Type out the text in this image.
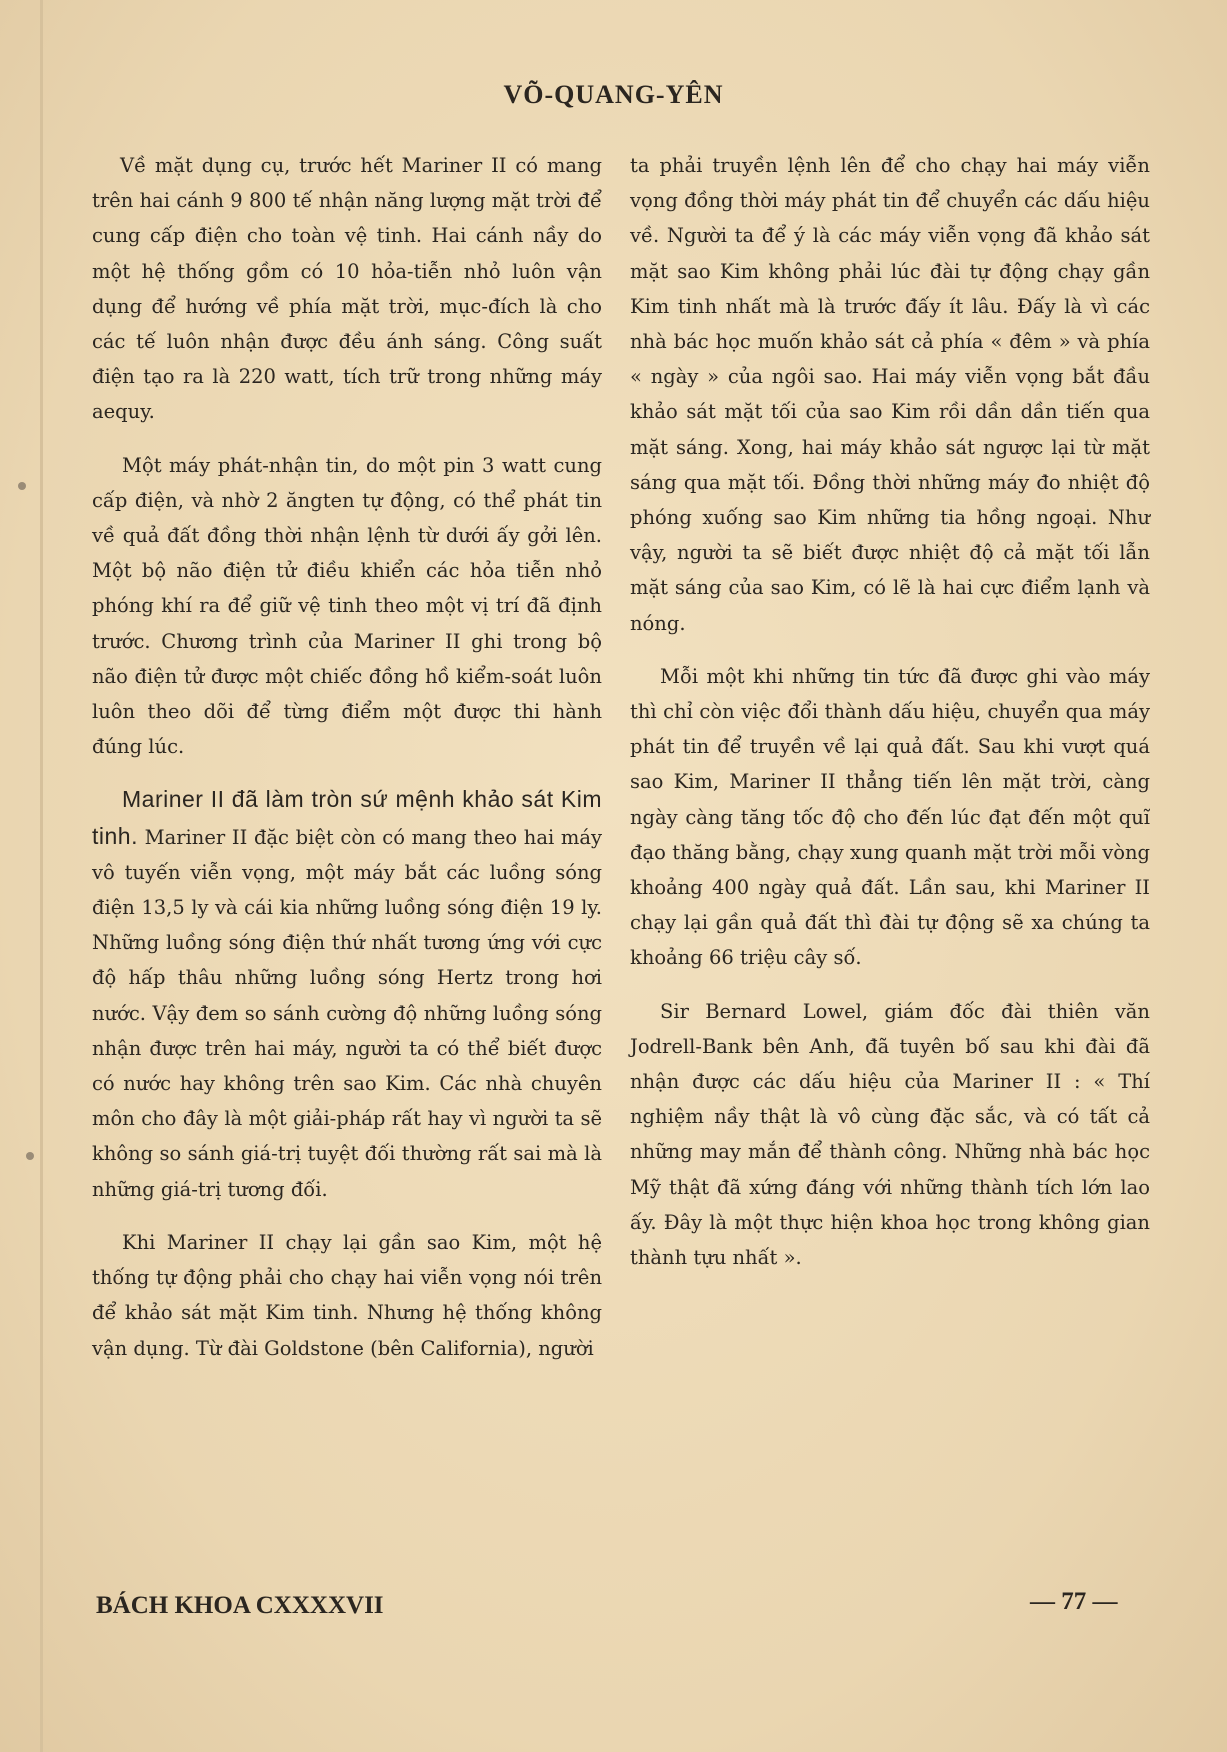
VÕ-QUANG-YÊN

Về mặt dụng cụ, trước hết Mariner II có mang trên hai cánh 9 800 tế nhận năng lượng mặt trời để cung cấp điện cho toàn vệ tinh. Hai cánh nầy do một hệ thống gồm có 10 hỏa-tiễn nhỏ luôn vận dụng để hướng về phía mặt trời, mục-đích là cho các tế luôn nhận được đều ánh sáng. Công suất điện tạo ra là 220 watt, tích trữ trong những máy aequy.

Một máy phát-nhận tin, do một pin 3 watt cung cấp điện, và nhờ 2 ăngten tự động, có thể phát tin về quả đất đồng thời nhận lệnh từ dưới ấy gởi lên. Một bộ não điện tử điều khiển các hỏa tiễn nhỏ phóng khí ra để giữ vệ tinh theo một vị trí đã định trước. Chương trình của Mariner II ghi trong bộ não điện tử được một chiếc đồng hồ kiểm-soát luôn luôn theo dõi để từng điểm một được thi hành đúng lúc.

Mariner II đã làm tròn sứ mệnh khảo sát Kim tinh. Mariner II đặc biệt còn có mang theo hai máy vô tuyến viễn vọng, một máy bắt các luồng sóng điện 13,5 ly và cái kia những luồng sóng điện 19 ly. Những luồng sóng điện thứ nhất tương ứng với cực độ hấp thâu những luồng sóng Hertz trong hơi nước. Vậy đem so sánh cường độ những luồng sóng nhận được trên hai máy, người ta có thể biết được có nước hay không trên sao Kim. Các nhà chuyên môn cho đây là một giải-pháp rất hay vì người ta sẽ không so sánh giá-trị tuyệt đối thường rất sai mà là những giá-trị tương đối.

Khi Mariner II chạy lại gần sao Kim, một hệ thống tự động phải cho chạy hai viễn vọng nói trên để khảo sát mặt Kim tinh. Nhưng hệ thống không vận dụng. Từ đài Goldstone (bên California), người

ta phải truyền lệnh lên để cho chạy hai máy viễn vọng đồng thời máy phát tin để chuyển các dấu hiệu về. Người ta để ý là các máy viễn vọng đã khảo sát mặt sao Kim không phải lúc đài tự động chạy gần Kim tinh nhất mà là trước đấy ít lâu. Đấy là vì các nhà bác học muốn khảo sát cả phía « đêm » và phía « ngày » của ngôi sao. Hai máy viễn vọng bắt đầu khảo sát mặt tối của sao Kim rồi dần dần tiến qua mặt sáng. Xong, hai máy khảo sát ngược lại từ mặt sáng qua mặt tối. Đồng thời những máy đo nhiệt độ phóng xuống sao Kim những tia hồng ngoại. Như vậy, người ta sẽ biết được nhiệt độ cả mặt tối lẫn mặt sáng của sao Kim, có lẽ là hai cực điểm lạnh và nóng.

Mỗi một khi những tin tức đã được ghi vào máy thì chỉ còn việc đổi thành dấu hiệu, chuyển qua máy phát tin để truyền về lại quả đất. Sau khi vượt quá sao Kim, Mariner II thẳng tiến lên mặt trời, càng ngày càng tăng tốc độ cho đến lúc đạt đến một quĩ đạo thăng bằng, chạy xung quanh mặt trời mỗi vòng khoảng 400 ngày quả đất. Lần sau, khi Mariner II chạy lại gần quả đất thì đài tự động sẽ xa chúng ta khoảng 66 triệu cây số.

Sir Bernard Lowel, giám đốc đài thiên văn Jodrell-Bank bên Anh, đã tuyên bố sau khi đài đã nhận được các dấu hiệu của Mariner II : « Thí nghiệm nầy thật là vô cùng đặc sắc, và có tất cả những may mắn để thành công. Những nhà bác học Mỹ thật đã xứng đáng với những thành tích lớn lao ấy. Đây là một thực hiện khoa học trong không gian thành tựu nhất ».

BÁCH KHOA CXXXXVII	— 77 —
